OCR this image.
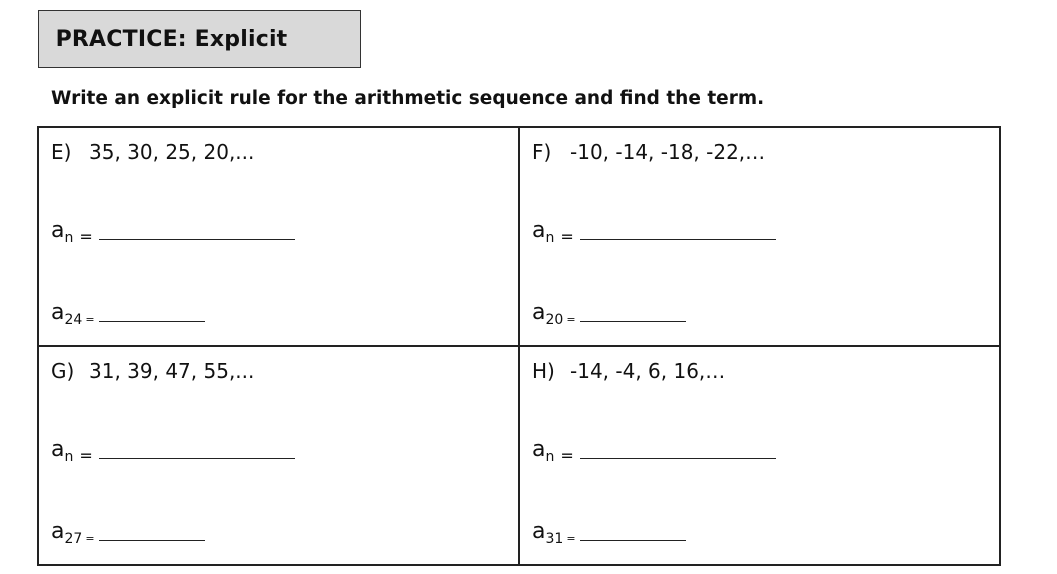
PRACTICE: Explicit
Write an explicit rule for the arithmetic sequence and find the term.
E) 35, 30, 25, 20,...
$a_n$ =
$a_{24}$ =
F) -10, -14, -18, -22,…
$a_n$ =
$a_{20}$ =
G) 31, 39, 47, 55,...
$a_n$ =
$a_{27}$ =
H) -14, -4, 6, 16,…
$a_n$ =
$a_{31}$ =
